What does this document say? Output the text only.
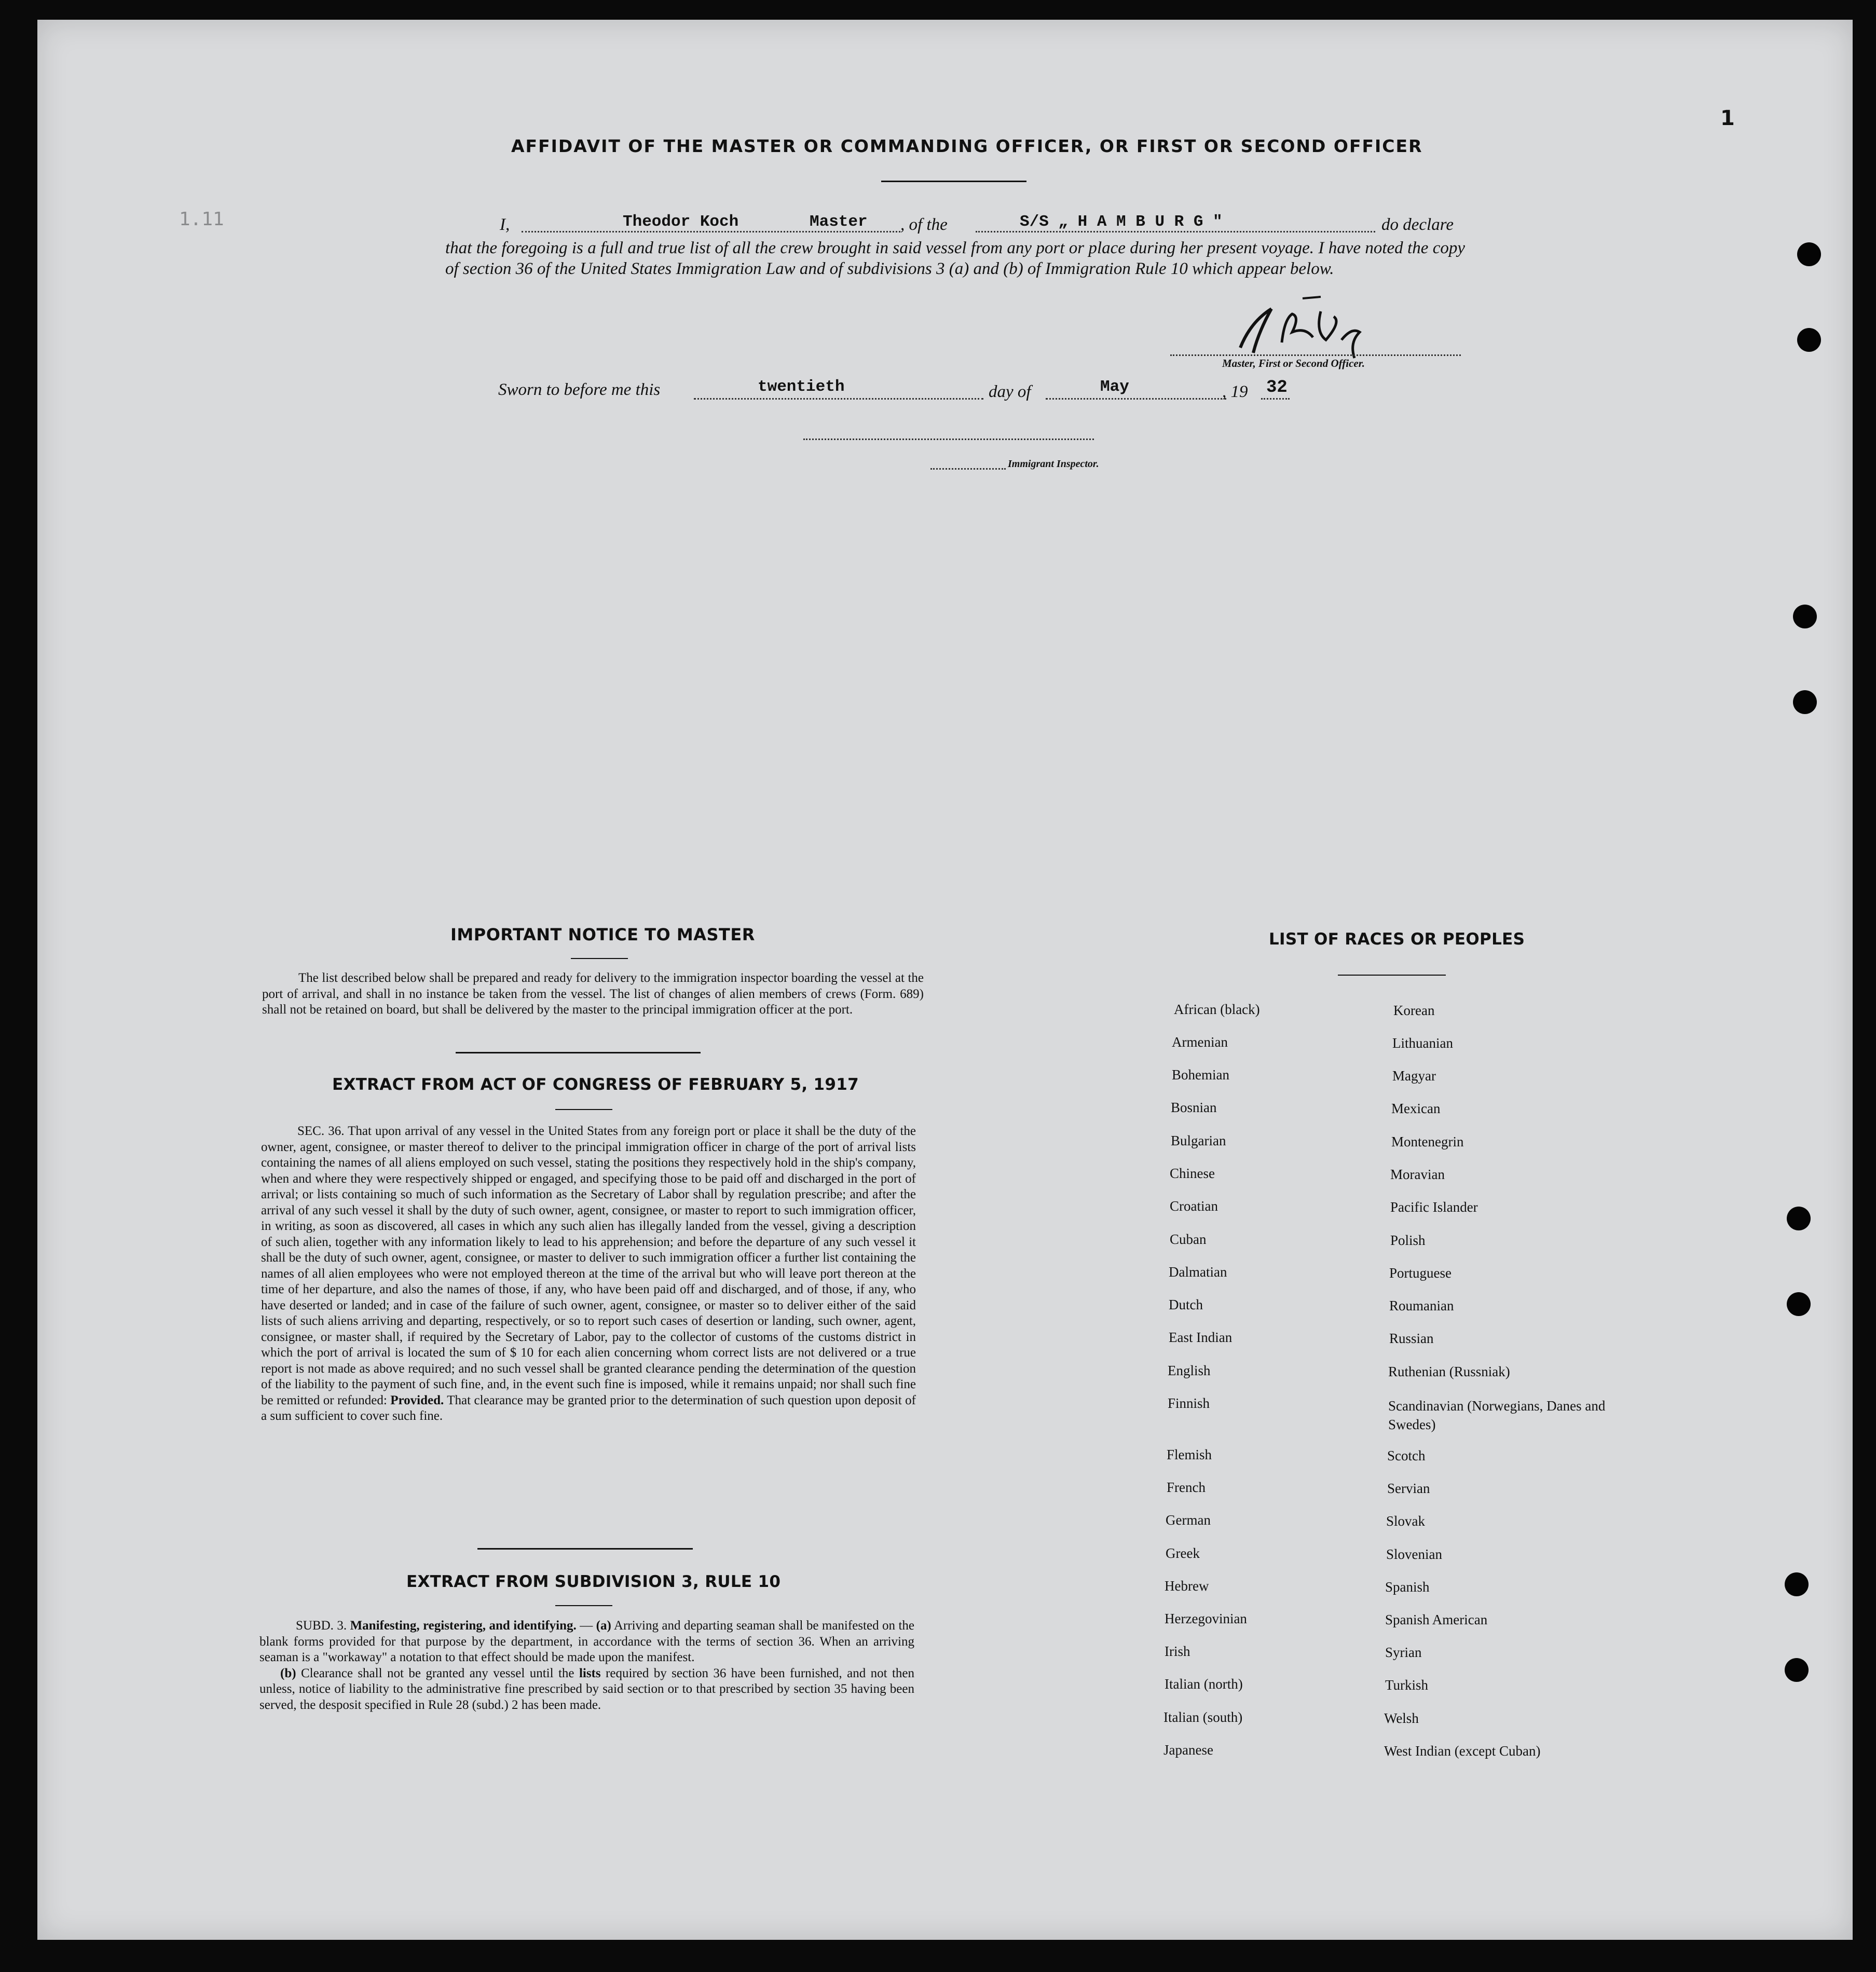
1
1.11
AFFIDAVIT OF THE MASTER OR COMMANDING OFFICER, OR FIRST OR SECOND OFFICER
I,	Theodor Koch	Master , of the	S/S „ H A M B U R G "	do declare
that the foregoing is a full and true list of all the crew brought in said vessel from any port or place during her present voyage. I have noted the copy of section 36 of the United States Immigration Law and of subdivisions 3 (a) and (b) of Immigration Rule 10 which appear below.
Master, First or Second Officer.
Sworn to before me this	twentieth	day of	May	, 19 32
Immigrant Inspector.
IMPORTANT NOTICE TO MASTER

The list described below shall be prepared and ready for delivery to the immigration inspector boarding the vessel at the port of arrival, and shall in no instance be taken from the vessel. The list of changes of alien members of crews (Form. 689) shall not be retained on board, but shall be delivered by the master to the principal immigration officer at the port.

EXTRACT FROM ACT OF CONGRESS OF FEBRUARY 5, 1917

SEC. 36. That upon arrival of any vessel in the United States from any foreign port or place it shall be the duty of the owner, agent, consignee, or master thereof to deliver to the principal immigration officer in charge of the port of arrival lists containing the names of all aliens employed on such vessel, stating the positions they respectively hold in the ship's company, when and where they were respectively shipped or engaged, and specifying those to be paid off and discharged in the port of arrival; or lists containing so much of such information as the Secretary of Labor shall by regulation prescribe; and after the arrival of any such vessel it shall by the duty of such owner, agent, consignee, or master to report to such immigration officer, in writing, as soon as discovered, all cases in which any such alien has illegally landed from the vessel, giving a description of such alien, together with any information likely to lead to his apprehension; and before the departure of any such vessel it shall be the duty of such owner, agent, consignee, or master to deliver to such immigration officer a further list containing the names of all alien employees who were not employed thereon at the time of the arrival but who will leave port thereon at the time of her departure, and also the names of those, if any, who have been paid off and discharged, and of those, if any, who have deserted or landed; and in case of the failure of such owner, agent, consignee, or master so to deliver either of the said lists of such aliens arriving and departing, respectively, or so to report such cases of desertion or landing, such owner, agent, consignee, or master shall, if required by the Secretary of Labor, pay to the collector of customs of the customs district in which the port of arrival is located the sum of $ 10 for each alien concerning whom correct lists are not delivered or a true report is not made as above required; and no such vessel shall be granted clearance pending the determination of the question of the liability to the payment of such fine, and, in the event such fine is imposed, while it remains unpaid; nor shall such fine be remitted or refunded: Provided. That clearance may be granted prior to the determination of such question upon deposit of a sum sufficient to cover such fine.

EXTRACT FROM SUBDIVISION 3, RULE 10

SUBD. 3. Manifesting, registering, and identifying. — (a) Arriving and departing seaman shall be manifested on the blank forms provided for that purpose by the department, in accordance with the terms of section 36. When an arriving seaman is a "workaway" a notation to that effect should be made upon the manifest.

(b) Clearance shall not be granted any vessel until the lists required by section 36 have been furnished, and not then unless, notice of liability to the administrative fine prescribed by said section or to that prescribed by section 35 having been served, the desposit specified in Rule 28 (subd.) 2 has been made.

LIST OF RACES OR PEOPLES
African (black)
Armenian
Bohemian
Bosnian
Bulgarian
Chinese
Croatian
Cuban
Dalmatian
Dutch
East Indian
English
Finnish
Flemish
French
German
Greek
Hebrew
Herzegovinian
Irish
Italian (north)
Italian (south)
Japanese
Korean
Lithuanian
Magyar
Mexican
Montenegrin
Moravian
Pacific Islander
Polish
Portuguese
Roumanian
Russian
Ruthenian (Russniak)
Scandinavian (Norwegians, Danes and Swedes)
Scotch
Servian
Slovak
Slovenian
Spanish
Spanish American
Syrian
Turkish
Welsh
West Indian (except Cuban)
